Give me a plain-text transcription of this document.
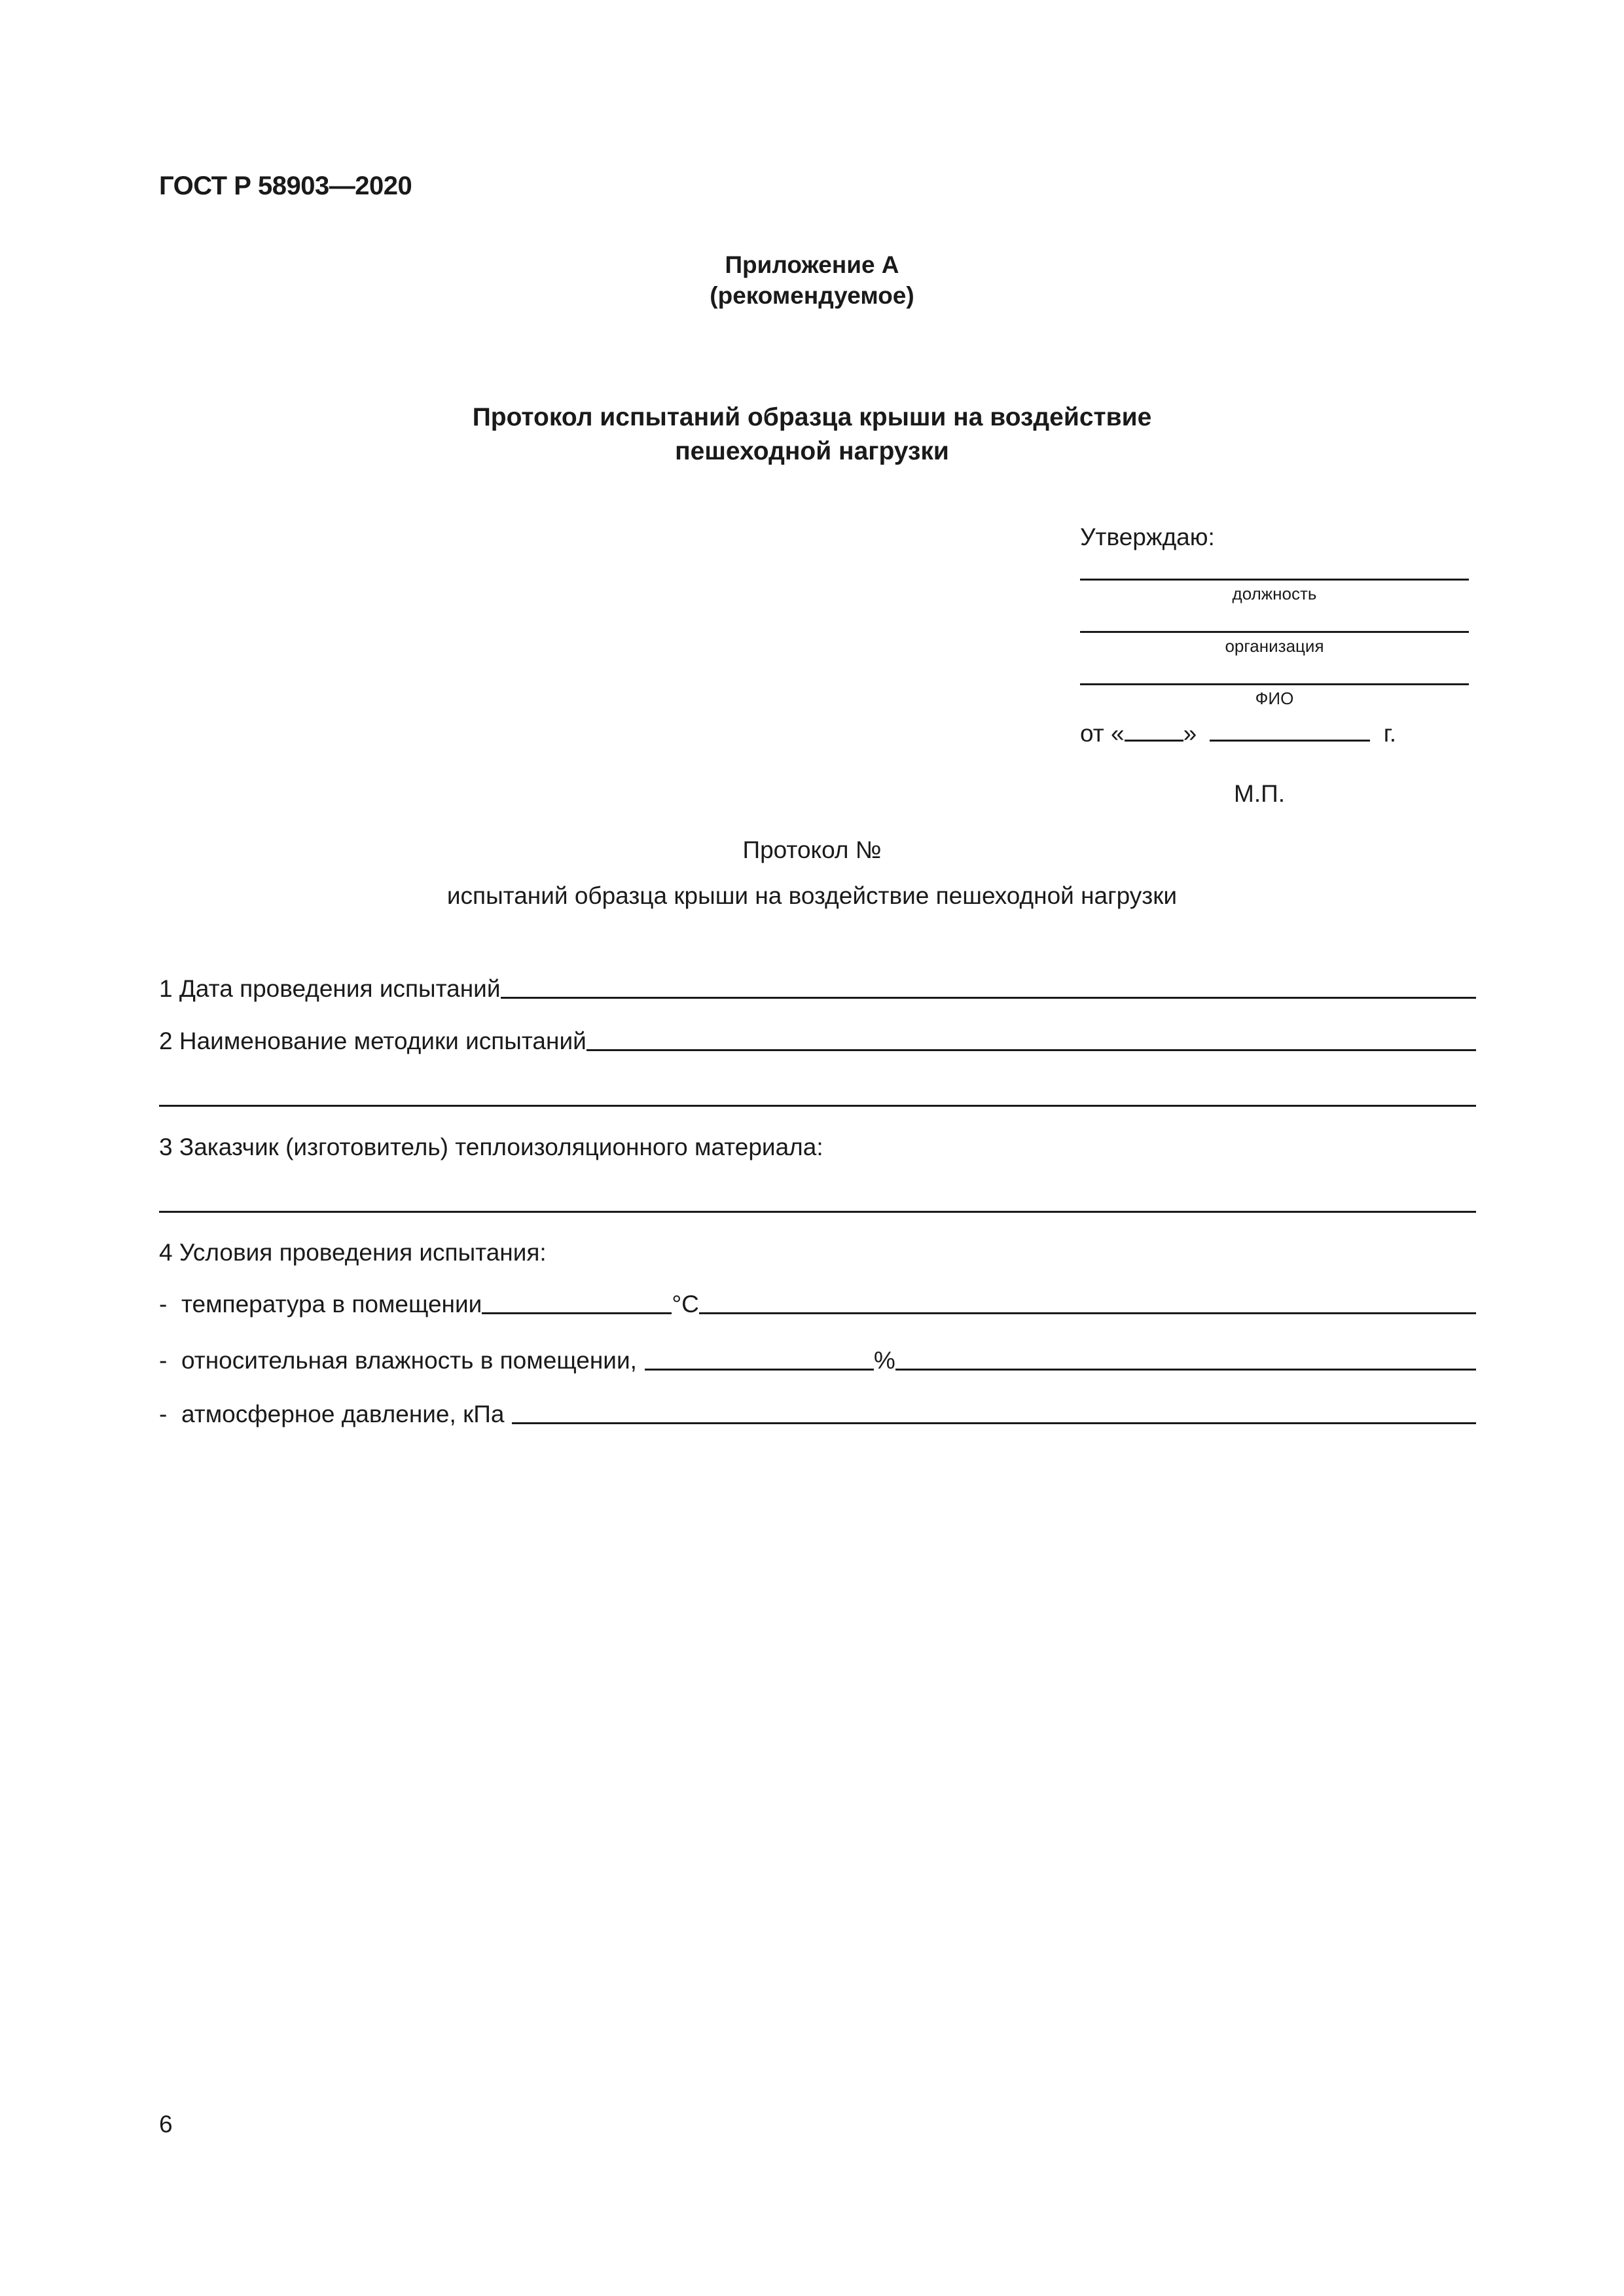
ГОСТ Р 58903—2020
Приложение А
(рекомендуемое)
Протокол испытаний образца крыши на воздействие
пешеходной нагрузки
Утверждаю:
должность
организация
ФИО
от « »	г.
М.П.
Протокол №
испытаний образца крыши на воздействие пешеходной нагрузки
1 Дата проведения испытаний
2 Наименование методики испытаний
3 Заказчик (изготовитель) теплоизоляционного материала:
4 Условия проведения испытания:
- температура в помещении	°С
- относительная влажность в помещении,	%
- атмосферное давление, кПа
6
